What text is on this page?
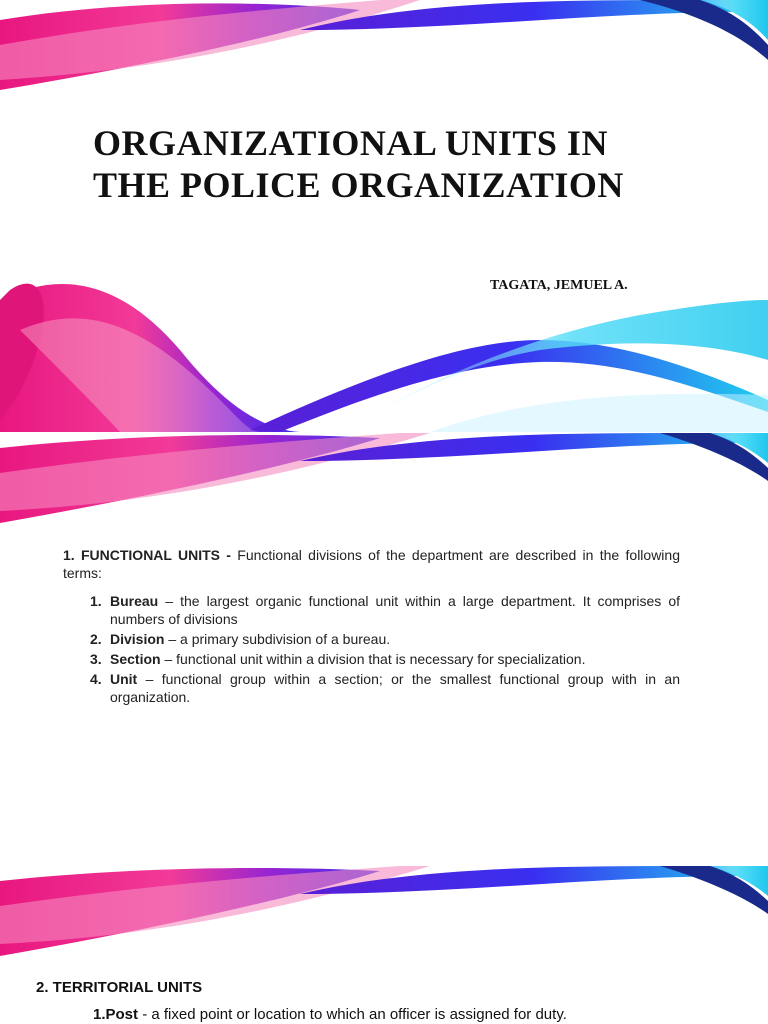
ORGANIZATIONAL UNITS IN
THE POLICE ORGANIZATION
TAGATA, JEMUEL A.
1. FUNCTIONAL UNITS - Functional divisions of the department are described in the following terms:
1. Bureau – the largest organic functional unit within a large department. It comprises of numbers of divisions
2. Division – a primary subdivision of a bureau.
3. Section – functional unit within a division that is necessary for specialization.
4. Unit – functional group within a section; or the smallest functional group with in an organization.
2. TERRITORIAL UNITS
1.Post - a fixed point or location to which an officer is assigned for duty.
